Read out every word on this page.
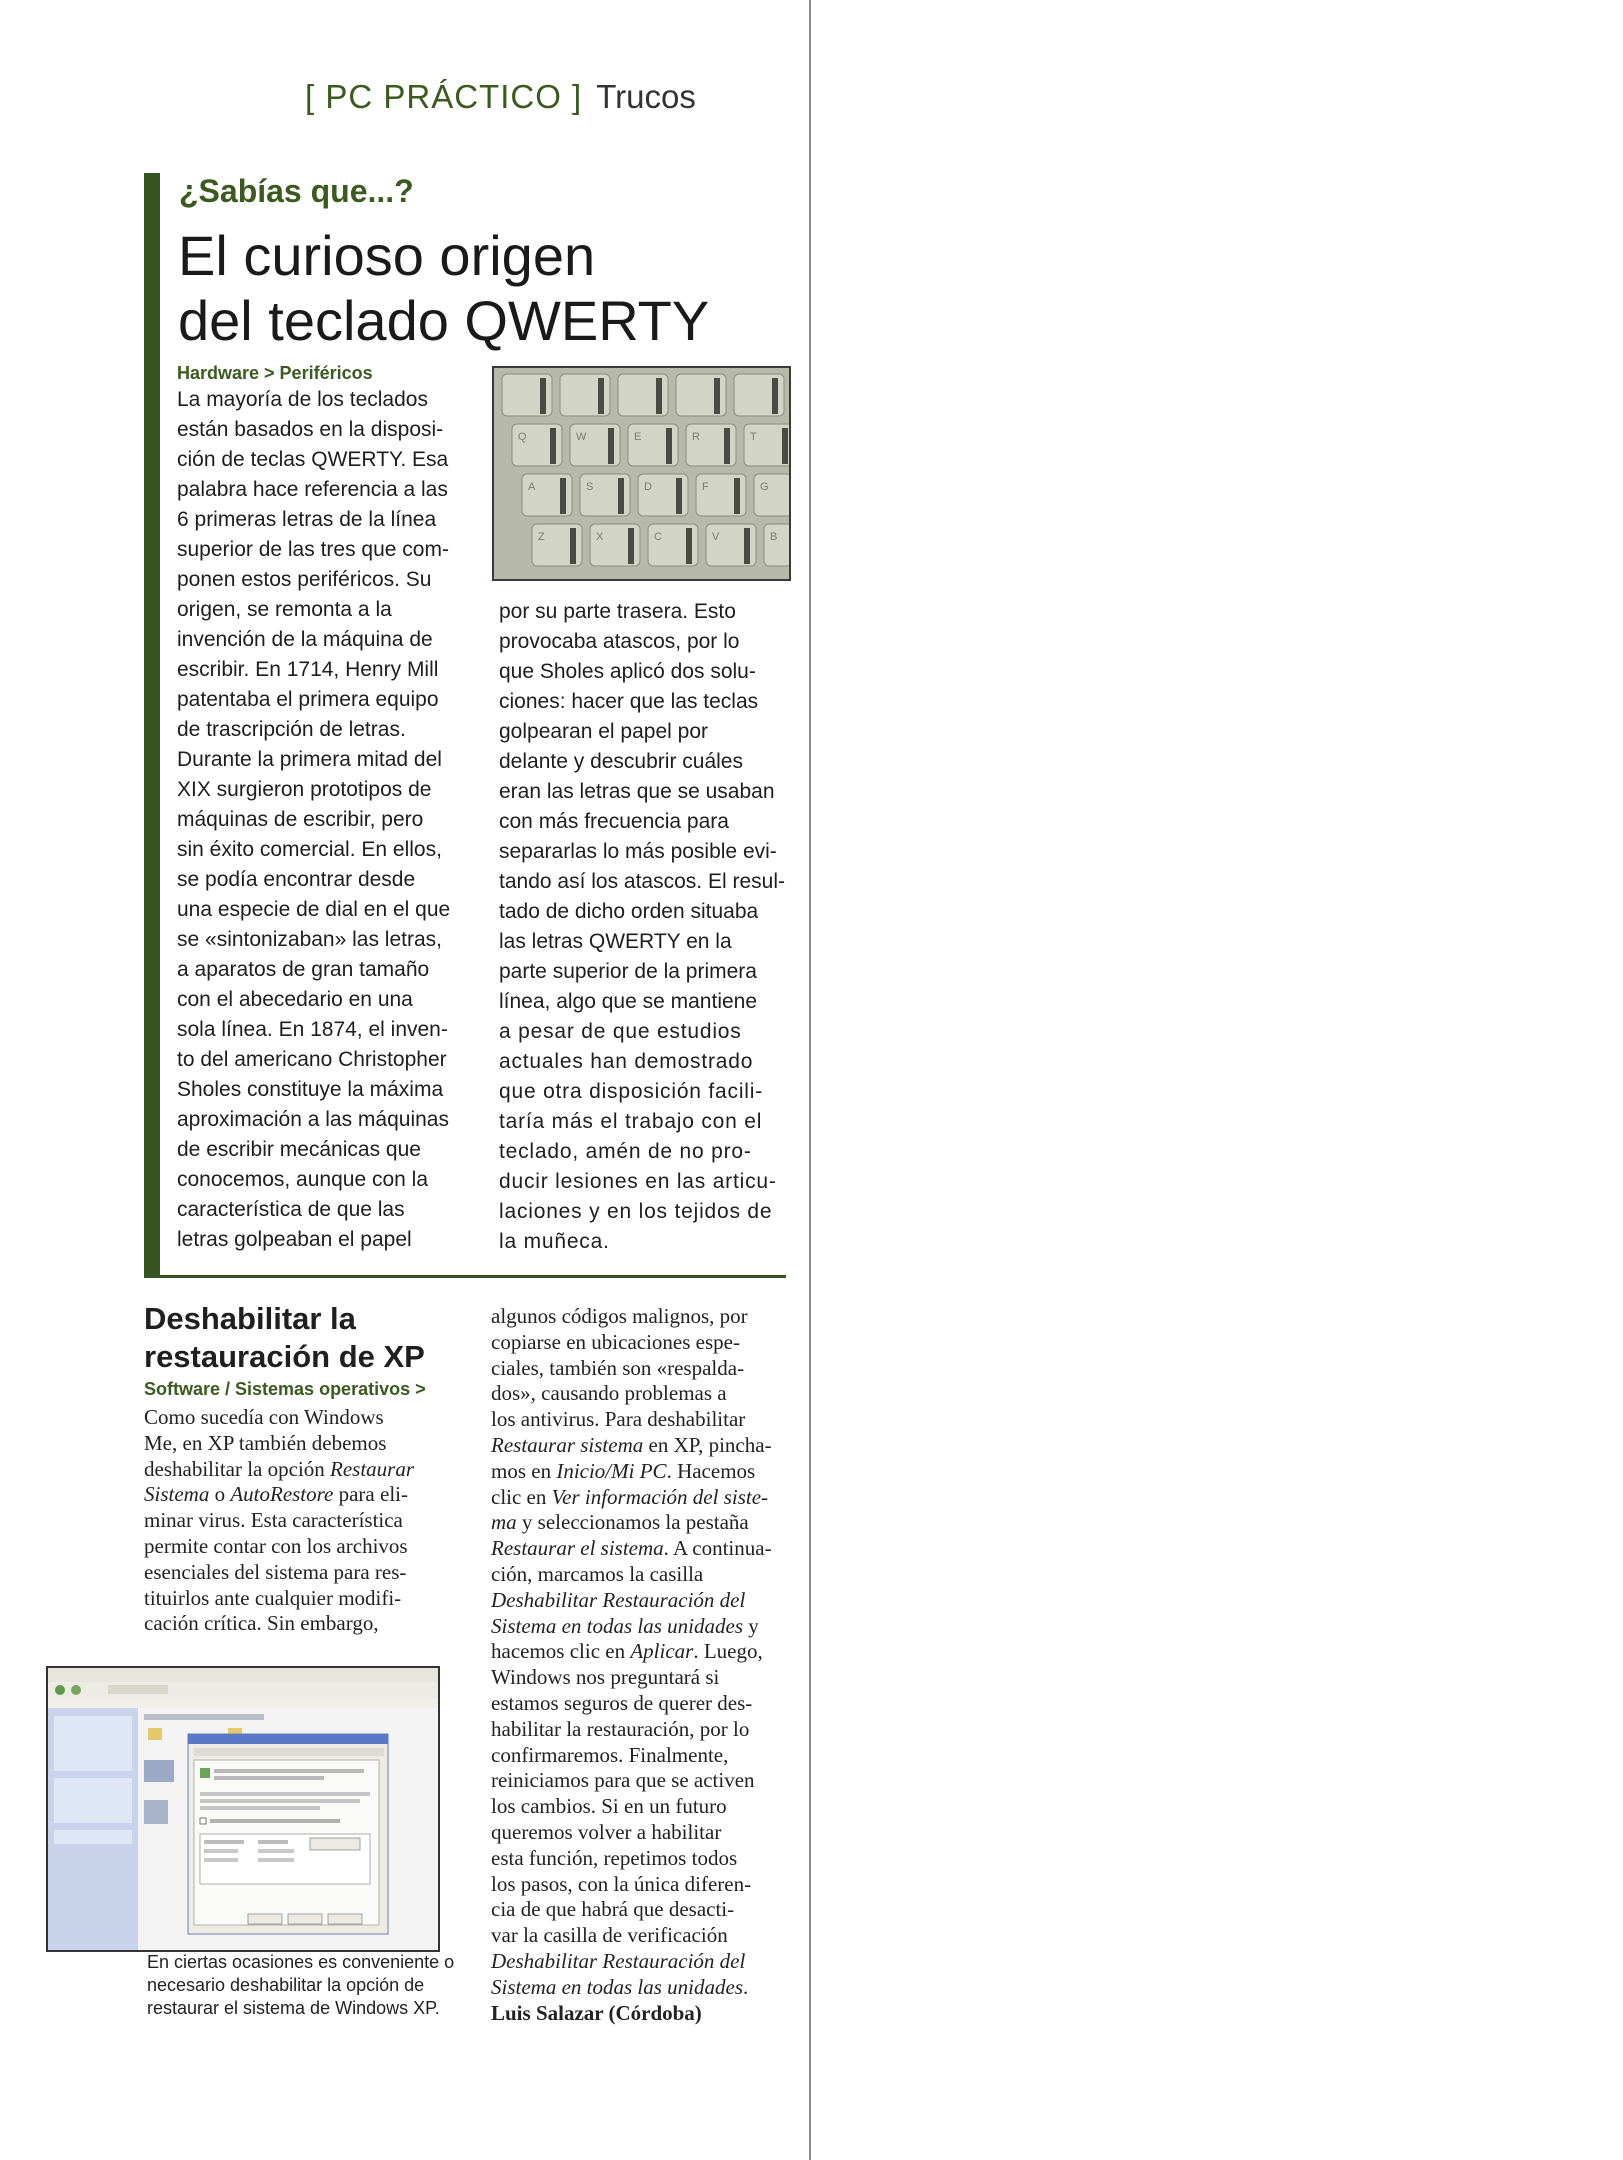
[ PC PRÁCTICO ] Trucos
¿Sabías que...?
El curioso origen
del teclado QWERTY
Hardware > Periféricos
La mayoría de los teclados
están basados en la disposi-
ción de teclas QWERTY. Esa
palabra hace referencia a las
6 primeras letras de la línea
superior de las tres que com-
ponen estos periféricos. Su
origen, se remonta a la
invención de la máquina de
escribir. En 1714, Henry Mill
patentaba el primera equipo
de trascripción de letras.
Durante la primera mitad del
XIX surgieron prototipos de
máquinas de escribir, pero
sin éxito comercial. En ellos,
se podía encontrar desde
una especie de dial en el que
se «sintonizaban» las letras,
a aparatos de gran tamaño
con el abecedario en una
sola línea. En 1874, el inven-
to del americano Christopher
Sholes constituye la máxima
aproximación a las máquinas
de escribir mecánicas que
conocemos, aunque con la
característica de que las
letras golpeaban el papel
Q	W	E	R	T
A	S	D	F	G
Z	X	C	V	B
por su parte trasera. Esto
provocaba atascos, por lo
que Sholes aplicó dos solu-
ciones: hacer que las teclas
golpearan el papel por
delante y descubrir cuáles
eran las letras que se usaban
con más frecuencia para
separarlas lo más posible evi-
tando así los atascos. El resul-
tado de dicho orden situaba
las letras QWERTY en la
parte superior de la primera
línea, algo que se mantiene
a pesar de que estudios
actuales han demostrado
que otra disposición facili-
taría más el trabajo con el
teclado, amén de no pro-
ducir lesiones en las articu-
laciones y en los tejidos de
la muñeca.
Deshabilitar la
restauración de XP
Software / Sistemas operativos >
Como sucedía con Windows
Me, en XP también debemos
deshabilitar la opción Restaurar
Sistema o AutoRestore para eli-
minar virus. Esta característica
permite contar con los archivos
esenciales del sistema para res-
tituirlos ante cualquier modifi-
cación crítica. Sin embargo,
algunos códigos malignos, por
copiarse en ubicaciones espe-
ciales, también son «respalda-
dos», causando problemas a
los antivirus. Para deshabilitar
Restaurar sistema en XP, pincha-
mos en Inicio/Mi PC. Hacemos
clic en Ver información del siste-
ma y seleccionamos la pestaña
Restaurar el sistema. A continua-
ción, marcamos la casilla
Deshabilitar Restauración del
Sistema en todas las unidades y
hacemos clic en Aplicar. Luego,
Windows nos preguntará si
estamos seguros de querer des-
habilitar la restauración, por lo
confirmaremos. Finalmente,
reiniciamos para que se activen
los cambios. Si en un futuro
queremos volver a habilitar
esta función, repetimos todos
los pasos, con la única diferen-
cia de que habrá que desacti-
var la casilla de verificación
Deshabilitar Restauración del
Sistema en todas las unidades.
Luis Salazar (Córdoba)
En ciertas ocasiones es conveniente o
necesario deshabilitar la opción de
restaurar el sistema de Windows XP.
